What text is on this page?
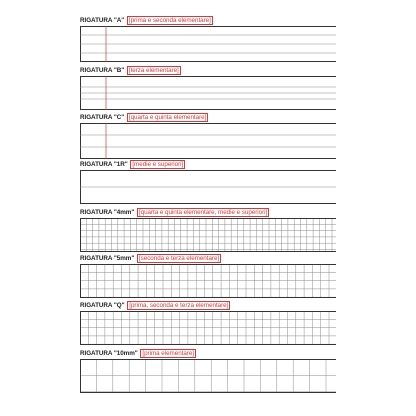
RIGATURA "A" [prima e seconda elementare]
RIGATURA "B" [terza elementare]
RIGATURA "C" [quarta e quinta elementare]
RIGATURA "1R" [medie e superiori]
RIGATURA "4mm" [quarta e quinta elementare, medie e superiori]
RIGATURA "5mm" [seconda e terza elementare]
RIGATURA "Q" [prima, seconda e terza elementare]
RIGATURA "10mm" [prima elementare]
